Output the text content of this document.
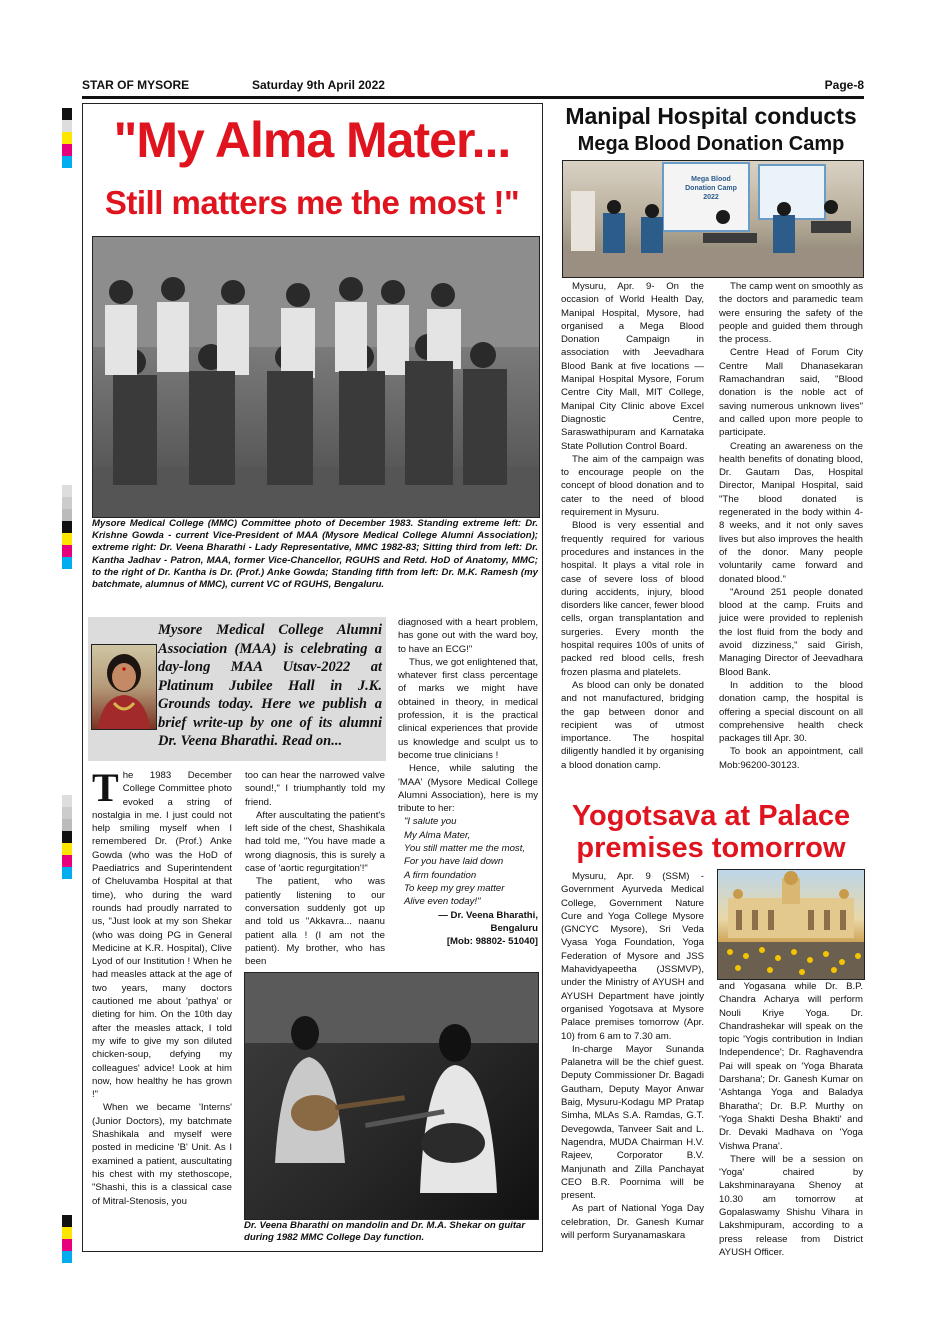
STAR OF MYSORE	Saturday 9th April 2022	Page-8
"My Alma Mater...
Still matters me the most !"
Mysore Medical College (MMC) Committee photo of December 1983. Standing extreme left: Dr. Krishne Gowda - current Vice-President of MAA (Mysore Medical College Alumni Association); extreme right: Dr. Veena Bharathi - Lady Representative, MMC 1982-83; Sitting third from left: Dr. Kantha Jadhav - Patron, MAA, former Vice-Chancellor, RGUHS and Retd. HoD of Anatomy, MMC; to the right of Dr. Kantha is Dr. (Prof.) Anke Gowda; Standing fifth from left: Dr. M.K. Ramesh (my batchmate, alumnus of MMC), current VC of RGUHS, Bengaluru.
Mysore Medical College Alumni Association (MAA) is celebrating a day-long MAA Utsav-2022 at Platinum Jubilee Hall in J.K. Grounds today. Here we publish a brief write-up by one of its alumni Dr. Veena Bharathi. Read on...

The 1983 December College Committee photo evoked a string of nostalgia in me. I just could not help smiling myself when I remembered Dr. (Prof.) Anke Gowda (who was the HoD of Paediatrics and Superintendent of Cheluvamba Hospital at that time), who during the ward rounds had proudly narrated to us, "Just look at my son Shekar (who was doing PG in General Medicine at K.R. Hospital), Clive Lyod of our Institution ! When he had measles attack at the age of two years, many doctors cautioned me about 'pathya' or dieting for him. On the 10th day after the measles attack, I told my wife to give my son diluted chicken-soup, defying my colleagues' advice! Look at him now, how healthy he has grown !"

When we became 'Interns' (Junior Doctors), my batchmate Shashikala and myself were posted in medicine 'B' Unit. As I examined a patient, auscultating his chest with my stethoscope, "Shashi, this is a classical case of Mitral-Stenosis, you

too can hear the narrowed valve sound!," I triumphantly told my friend.

After auscultating the patient's left side of the chest, Shashikala had told me, "You have made a wrong diagnosis, this is surely a case of 'aortic regurgitation'!"

The patient, who was patiently listening to our conversation suddenly got up and told us "Akkavra... naanu patient alla ! (I am not the patient). My brother, who has been

diagnosed with a heart problem, has gone out with the ward boy, to have an ECG!"

Thus, we got enlightened that, whatever first class percentage of marks we might have obtained in theory, in medical profession, it is the practical clinical experiences that provide us knowledge and sculpt us to become true clinicians !

Hence, while saluting the 'MAA' (Mysore Medical College Alumni Association), here is my tribute to her:

"I salute you
My Alma Mater,
You still matter me the most,
For you have laid down
A firm foundation
To keep my grey matter
Alive even today!"
— Dr. Veena Bharathi,
Bengaluru
[Mob: 98802- 51040]
Dr. Veena Bharathi on mandolin and Dr. M.A. Shekar on guitar during 1982 MMC College Day function.
Manipal Hospital conducts
Mega Blood Donation Camp
Mega Blood Donation Camp 2022

Mysuru, Apr. 9- On the occasion of World Health Day, Manipal Hospital, Mysore, had organised a Mega Blood Donation Campaign in association with Jeevadhara Blood Bank at five locations — Manipal Hospital Mysore, Forum Centre City Mall, MIT College, Manipal City Clinic above Excel Diagnostic Centre, Saraswathipuram and Karnataka State Pollution Control Board.

The aim of the campaign was to encourage people on the concept of blood donation and to cater to the need of blood requirement in Mysuru.

Blood is very essential and frequently required for various procedures and instances in the hospital. It plays a vital role in case of severe loss of blood during accidents, injury, blood disorders like cancer, fewer blood cells, organ transplantation and surgeries. Every month the hospital requires 100s of units of packed red blood cells, fresh frozen plasma and platelets.

As blood can only be donated and not manufactured, bridging the gap between donor and recipient was of utmost importance. The hospital diligently handled it by organising a blood donation camp.

The camp went on smoothly as the doctors and paramedic team were ensuring the safety of the people and guided them through the process.

Centre Head of Forum City Centre Mall Dhanasekaran Ramachandran said, "Blood donation is the noble act of saving numerous unknown lives" and called upon more people to participate.

Creating an awareness on the health benefits of donating blood, Dr. Gautam Das, Hospital Director, Manipal Hospital, said "The blood donated is regenerated in the body within 4-8 weeks, and it not only saves lives but also improves the health of the donor. Many people voluntarily came forward and donated blood."

"Around 251 people donated blood at the camp. Fruits and juice were provided to replenish the lost fluid from the body and avoid dizziness," said Girish, Managing Director of Jeevadhara Blood Bank.

In addition to the blood donation camp, the hospital is offering a special discount on all comprehensive health check packages till Apr. 30.

To book an appointment, call Mob:96200-30123.

Yogotsava at Palace
premises tomorrow

Mysuru, Apr. 9 (SSM) - Government Ayurveda Medical College, Government Nature Cure and Yoga College Mysore (GNCYC Mysore), Sri Veda Vyasa Yoga Foundation, Yoga Federation of Mysore and JSS Mahavidyapeetha (JSSMVP), under the Ministry of AYUSH and AYUSH Department have jointly organised Yogotsava at Mysore Palace premises tomorrow (Apr. 10) from 6 am to 7.30 am.

In-charge Mayor Sunanda Palanetra will be the chief guest. Deputy Commissioner Dr. Bagadi Gautham, Deputy Mayor Anwar Baig, Mysuru-Kodagu MP Pratap Simha, MLAs S.A. Ramdas, G.T. Devegowda, Tanveer Sait and L. Nagendra, MUDA Chairman H.V. Rajeev, Corporator B.V. Manjunath and Zilla Panchayat CEO B.R. Poornima will be present.

As part of National Yoga Day celebration, Dr. Ganesh Kumar will perform Suryanamaskara

and Yogasana while Dr. B.P. Chandra Acharya will perform Nouli Kriye Yoga. Dr. Chandrashekar will speak on the topic 'Yogis contribution in Indian Independence'; Dr. Raghavendra Pai will speak on 'Yoga Bharata Darshana'; Dr. Ganesh Kumar on 'Ashtanga Yoga and Baladya Bharatha'; Dr. B.P. Murthy on 'Yoga Shakti Desha Bhakti' and Dr. Devaki Madhava on 'Yoga Vishwa Prana'.

There will be a session on 'Yoga' chaired by Lakshminarayana Shenoy at 10.30 am tomorrow at Gopalaswamy Shishu Vihara in Lakshmipuram, according to a press release from District AYUSH Officer.
